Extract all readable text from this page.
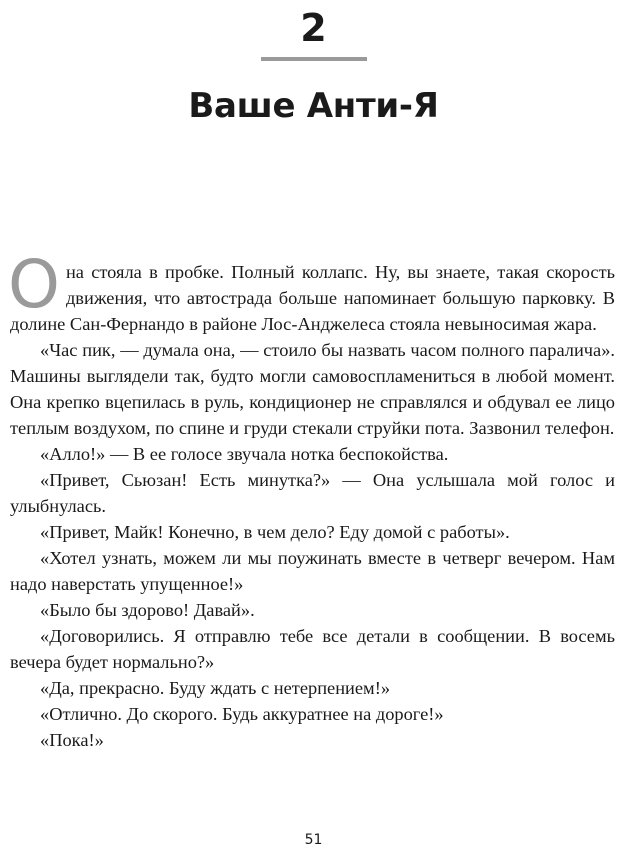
2
Ваше Анти-Я

Она стояла в пробке. Полный коллапс. Ну, вы знаете, такая скорость движения, что автострада больше напоминает большую парковку. В долине Сан-Фернандо в районе Лос-Анджелеса стояла невыносимая жара.

«Час пик, — думала она, — стоило бы назвать часом полного паралича». Машины выглядели так, будто могли самовоспламениться в любой момент. Она крепко вцепилась в руль, кондиционер не справлялся и обдувал ее лицо теплым воздухом, по спине и груди стекали струйки пота. Зазвонил телефон.

«Алло!» — В ее голосе звучала нотка беспокойства.

«Привет, Сьюзан! Есть минутка?» — Она услышала мой голос и улыбнулась.

«Привет, Майк! Конечно, в чем дело? Еду домой с работы».

«Хотел узнать, можем ли мы поужинать вместе в четверг вечером. Нам надо наверстать упущенное!»

«Было бы здорово! Давай».

«Договорились. Я отправлю тебе все детали в сообщении. В восемь вечера будет нормально?»

«Да, прекрасно. Буду ждать с нетерпением!»

«Отлично. До скорого. Будь аккуратнее на дороге!»

«Пока!»

51
